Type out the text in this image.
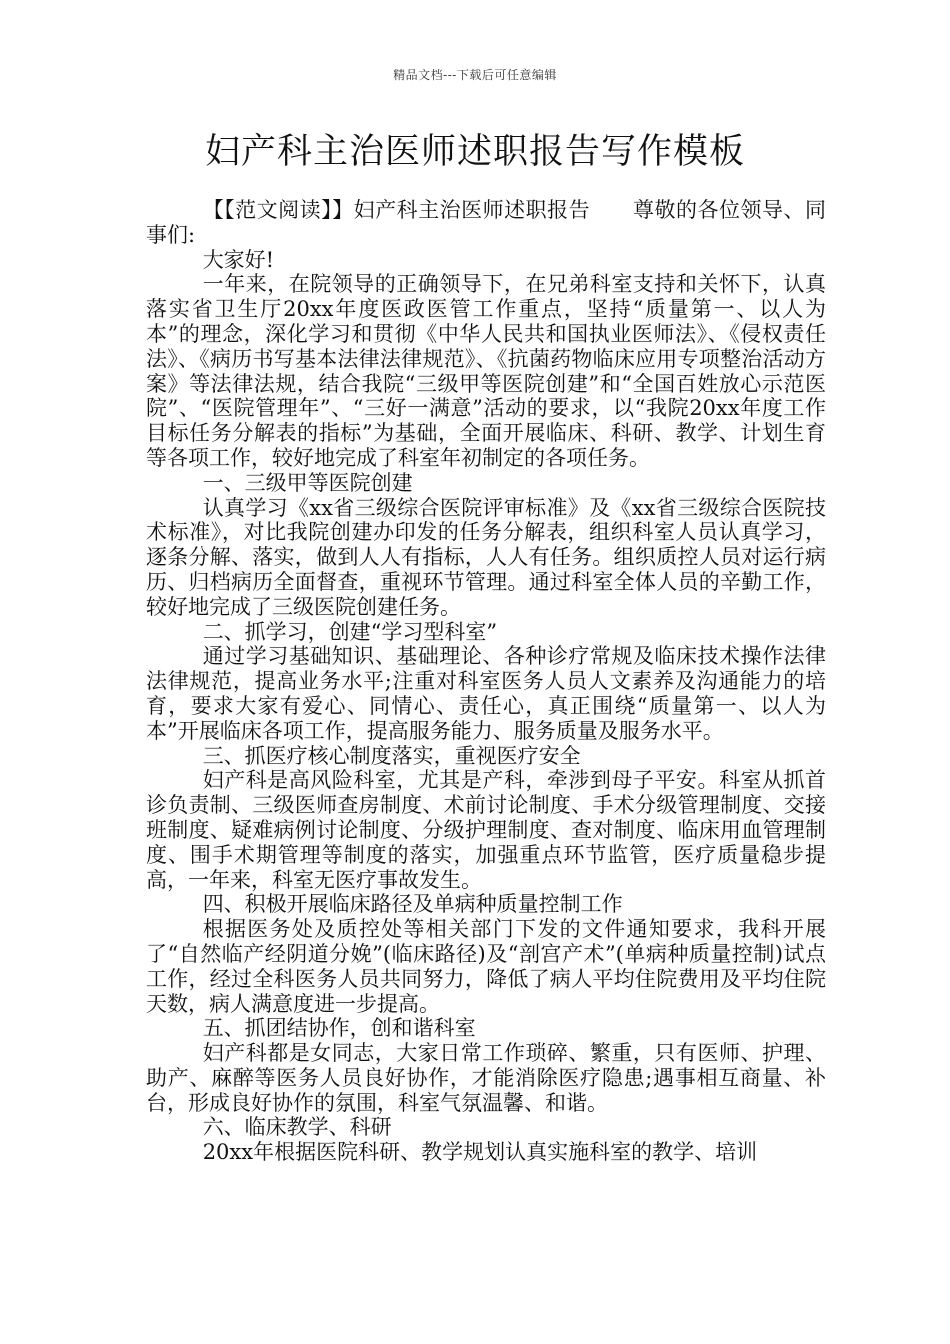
精品文档---下载后可任意编辑
妇产科主治医师述职报告写作模板

【【范文阅读】】妇产科主治医师述职报告　　尊敬的各位领导、同事们:

大家好!

一年来，在院领导的正确领导下，在兄弟科室支持和关怀下，认真落实省卫生厅20xx年度医政医管工作重点，坚持“质量第一、以人为本”的理念，深化学习和贯彻《中华人民共和国执业医师法》、《侵权责任法》、《病历书写基本法律法律规范》、《抗菌药物临床应用专项整治活动方案》等法律法规，结合我院“三级甲等医院创建”和“全国百姓放心示范医院”、“医院管理年”、“三好一满意”活动的要求，以“我院20xx年度工作目标任务分解表的指标”为基础，全面开展临床、科研、教学、计划生育等各项工作，较好地完成了科室年初制定的各项任务。

一、三级甲等医院创建

认真学习《xx省三级综合医院评审标准》及《xx省三级综合医院技术标准》，对比我院创建办印发的任务分解表，组织科室人员认真学习，逐条分解、落实，做到人人有指标，人人有任务。组织质控人员对运行病历、归档病历全面督查，重视环节管理。通过科室全体人员的辛勤工作，较好地完成了三级医院创建任务。

二、抓学习，创建“学习型科室”

通过学习基础知识、基础理论、各种诊疗常规及临床技术操作法律法律规范，提高业务水平;注重对科室医务人员人文素养及沟通能力的培育，要求大家有爱心、同情心、责任心，真正围绕“质量第一、以人为本”开展临床各项工作，提高服务能力、服务质量及服务水平。

三、抓医疗核心制度落实，重视医疗安全

妇产科是高风险科室，尤其是产科，牵涉到母子平安。科室从抓首诊负责制、三级医师查房制度、术前讨论制度、手术分级管理制度、交接班制度、疑难病例讨论制度、分级护理制度、查对制度、临床用血管理制度、围手术期管理等制度的落实，加强重点环节监管，医疗质量稳步提高，一年来，科室无医疗事故发生。

四、积极开展临床路径及单病种质量控制工作

根据医务处及质控处等相关部门下发的文件通知要求，我科开展了“自然临产经阴道分娩”(临床路径)及“剖宫产术”(单病种质量控制)试点工作，经过全科医务人员共同努力，降低了病人平均住院费用及平均住院天数，病人满意度进一步提高。

五、抓团结协作，创和谐科室

妇产科都是女同志，大家日常工作琐碎、繁重，只有医师、护理、助产、麻醉等医务人员良好协作，才能消除医疗隐患;遇事相互商量、补台，形成良好协作的氛围，科室气氛温馨、和谐。

六、临床教学、科研

20xx年根据医院科研、教学规划认真实施科室的教学、培训
